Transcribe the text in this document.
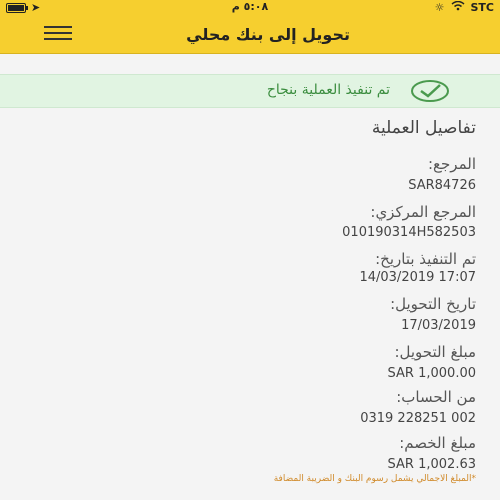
➤	٥:٠٨ م	☼ STC
تحويل إلى بنك محلي
تم تنفيذ العملية بنجاح
تفاصيل العملية
المرجع:
SAR84726
المرجع المركزي:
010190314H582503
تم التنفيذ بتاريخ:
14/03/2019 17:07
تاريخ التحويل:
17/03/2019
مبلغ التحويل:
SAR 1,000.00
من الحساب:
0319 228251 002
مبلغ الخصم:
SAR 1,002.63
*المبلغ الاجمالي يشمل رسوم البنك و الضريبة المضافة
